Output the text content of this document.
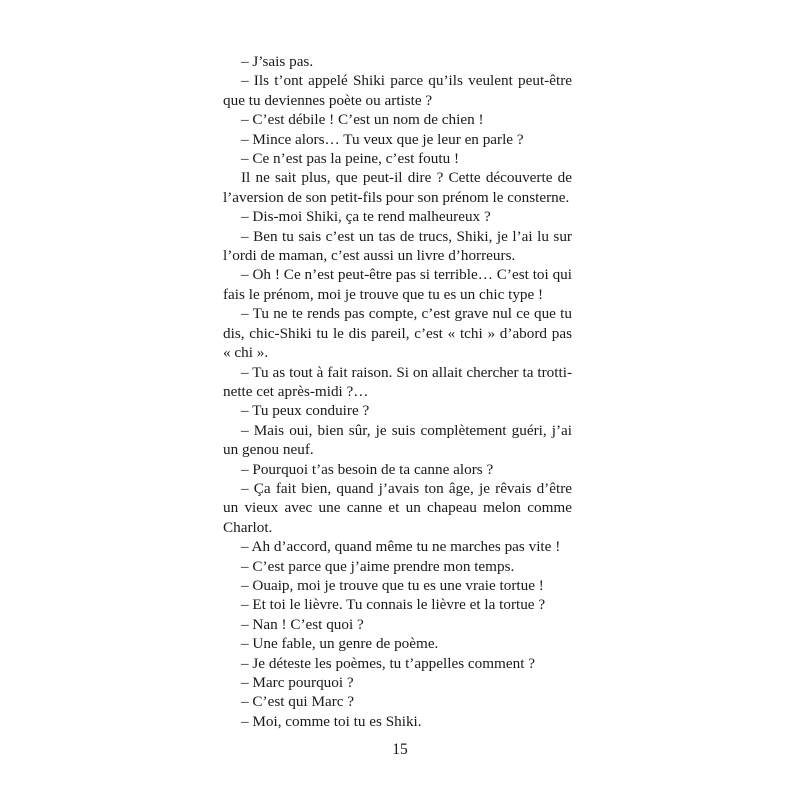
– J’sais pas.

– Ils t’ont appelé Shiki parce qu’ils veulent peut-être que tu deviennes poète ou artiste ?

– C’est débile ! C’est un nom de chien !

– Mince alors… Tu veux que je leur en parle ?

– Ce n’est pas la peine, c’est foutu !

Il ne sait plus, que peut-il dire ? Cette découverte de l’aversion de son petit-fils pour son prénom le consterne.

– Dis-moi Shiki, ça te rend malheureux ?

– Ben tu sais c’est un tas de trucs, Shiki, je l’ai lu sur l’ordi de maman, c’est aussi un livre d’horreurs.

– Oh ! Ce n’est peut-être pas si terrible… C’est toi qui fais le prénom, moi je trouve que tu es un chic type !

– Tu ne te rends pas compte, c’est grave nul ce que tu dis, chic-Shiki tu le dis pareil, c’est « tchi » d’abord pas « chi ».

– Tu as tout à fait raison. Si on allait chercher ta trottinette cet après-midi ?…

– Tu peux conduire ?

– Mais oui, bien sûr, je suis complètement guéri, j’ai un genou neuf.

– Pourquoi t’as besoin de ta canne alors ?

– Ça fait bien, quand j’avais ton âge, je rêvais d’être un vieux avec une canne et un chapeau melon comme Charlot.

– Ah d’accord, quand même tu ne marches pas vite !

– C’est parce que j’aime prendre mon temps.

– Ouaip, moi je trouve que tu es une vraie tortue !

– Et toi le lièvre. Tu connais le lièvre et la tortue ?

– Nan ! C’est quoi ?

– Une fable, un genre de poème.

– Je déteste les poèmes, tu t’appelles comment ?

– Marc pourquoi ?

– C’est qui Marc ?

– Moi, comme toi tu es Shiki.

15
